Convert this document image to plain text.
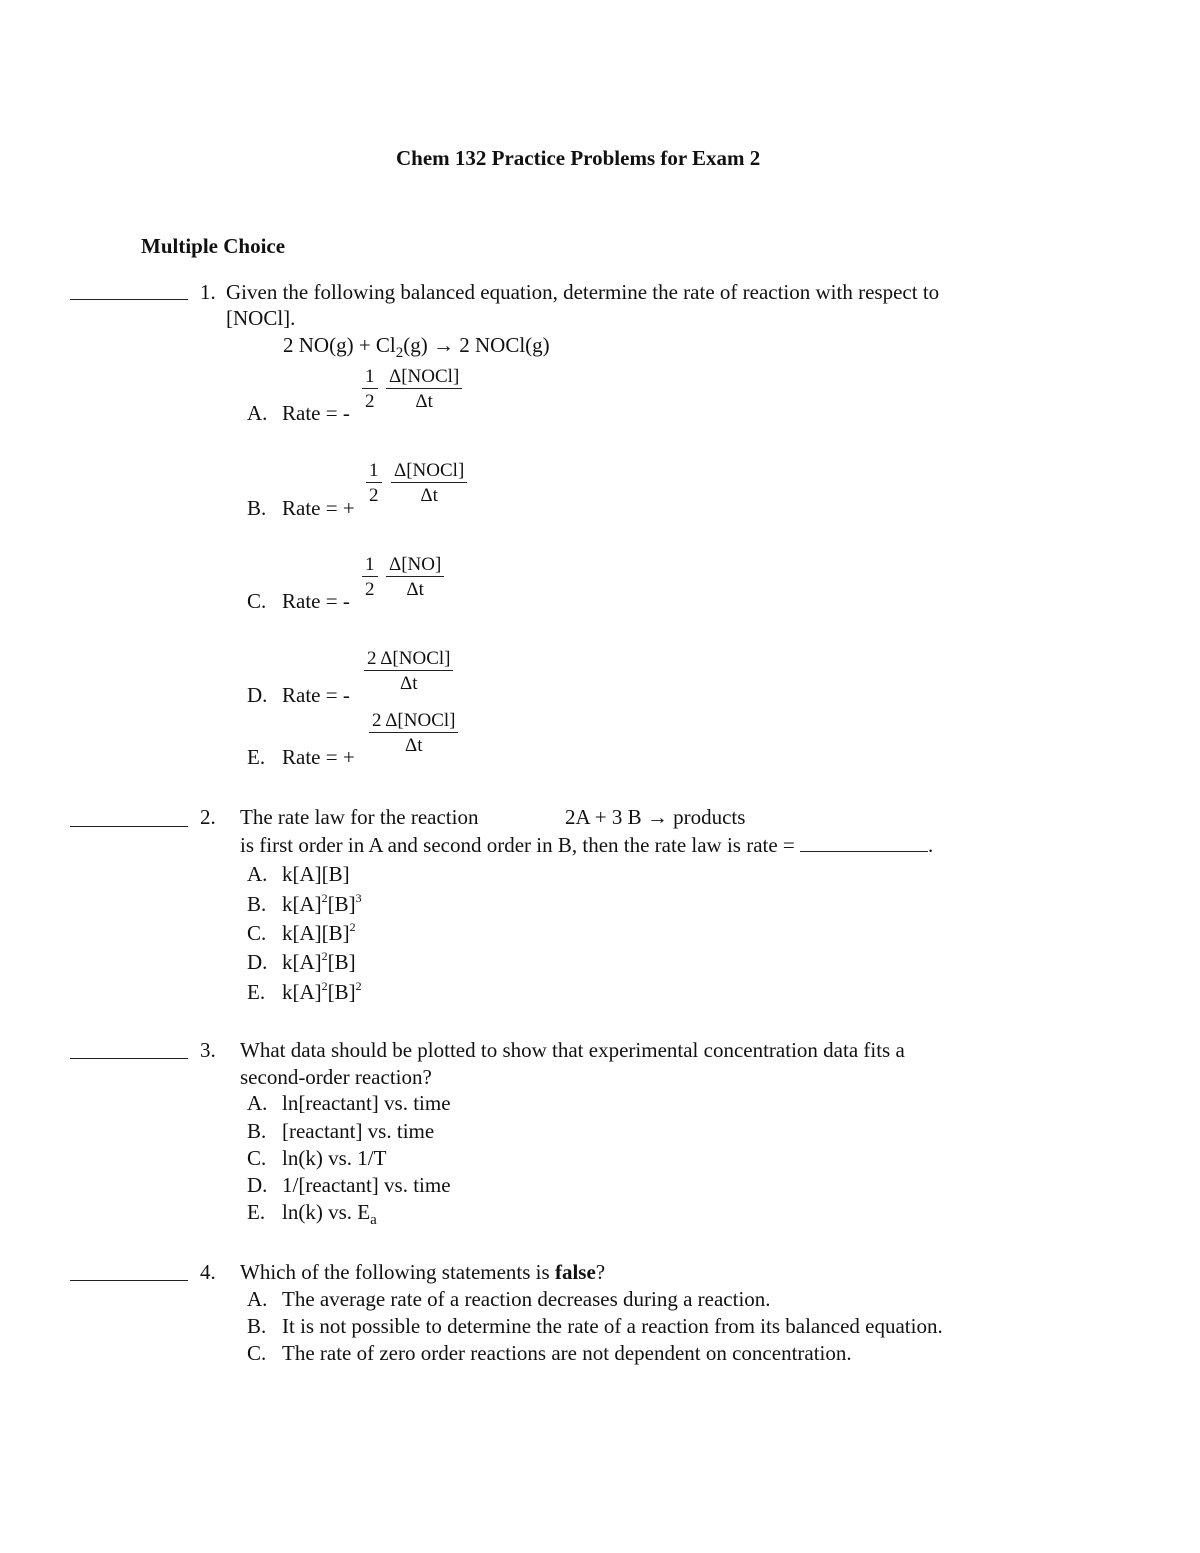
Chem 132 Practice Problems for Exam 2
Multiple Choice
1. Given the following balanced equation, determine the rate of reaction with respect to
[NOCl].
2 $NO(g) + Cl_2(g) \to 2$ NOCl(g)
A. Rate = -
$\frac{1}{2}$ Δ[NOCl]
Δt
B. Rate = +
$\frac{1}{2}$ Δ[NOCl]
Δt
C. Rate = -
$\frac{1}{2} \frac{\Delta[NO]}{\Delta t}$
D. Rate = -
2 Δ[NOCl]
Δt
E. Rate = +
2 Δ[NOCl]
Δt
2. The rate law for the reaction	2A + 3 B → products
is first order in A and second order in B, then the rate law is rate =	.
A. k[A][B]
B. $k[A]^2[B]^3$
C. $k[A][B]^2$
D. $k[A]^2[B]$
E. $k[A]^2[B]^2$
3. What data should be plotted to show that experimental concentration data fits a
second-order reaction?
A. ln[reactant] vs. time
B. [reactant] vs. time
C. ln(k) vs. 1/T
D. 1/[reactant] vs. time
E. ln(k) vs. $E_a$
4. Which of the following statements is false?
A. The average rate of a reaction decreases during a reaction.
B. It is not possible to determine the rate of a reaction from its balanced equation.
C. The rate of zero order reactions are not dependent on concentration.
